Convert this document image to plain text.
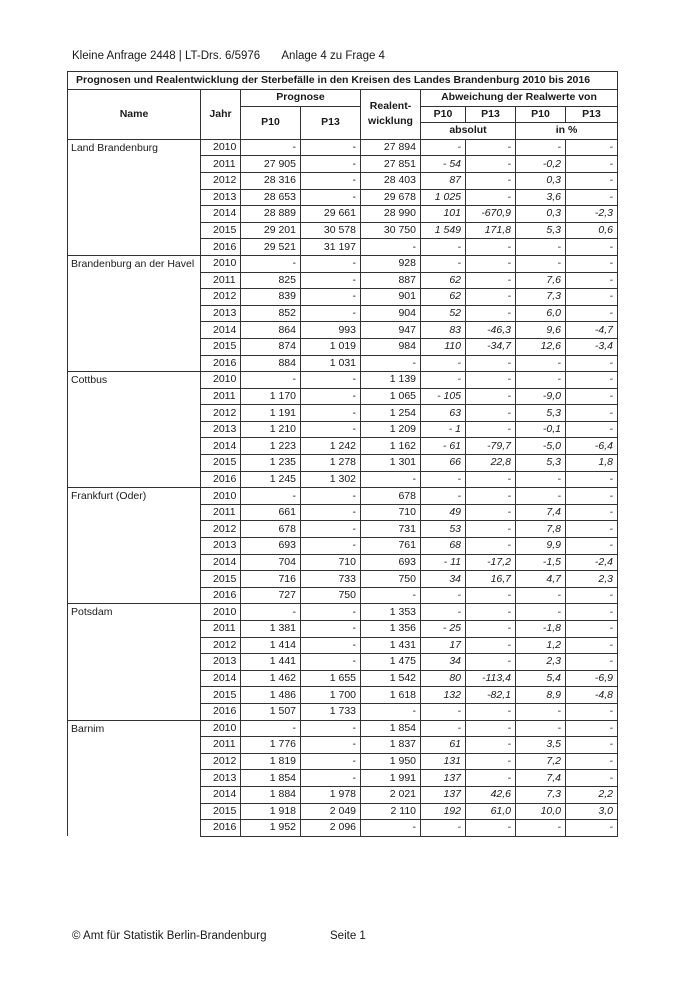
Kleine Anfrage 2448 | LT-Drs. 6/5976 Anlage 4 zu Frage 4
Prognosen und Realentwicklung der Sterbefälle in den Kreisen des Landes Brandenburg 2010 bis 2016								
Name	Jahr	Prognose		Realent-wicklung	Abweichung der Realwerte von			
		P10	P13		P10	P13	P10	P13
					absolut		in %	
Land Brandenburg	2010	-	-	27 894	-	-	-	-
	2011	27 905	-	27 851	- 54	-	-0,2	-
	2012	28 316	-	28 403	87	-	0,3	-
	2013	28 653	-	29 678	1 025	-	3,6	-
	2014	28 889	29 661	28 990	101	-670,9	0,3	-2,3
	2015	29 201	30 578	30 750	1 549	171,8	5,3	0,6
	2016	29 521	31 197	-	-	-	-	-
Brandenburg an der Havel	2010	-	-	928	-	-	-	-
	2011	825	-	887	62	-	7,6	-
	2012	839	-	901	62	-	7,3	-
	2013	852	-	904	52	-	6,0	-
	2014	864	993	947	83	-46,3	9,6	-4,7
	2015	874	1 019	984	110	-34,7	12,6	-3,4
	2016	884	1 031	-	-	-	-	-
Cottbus	2010	-	-	1 139	-	-	-	-
	2011	1 170	-	1 065	- 105	-	-9,0	-
	2012	1 191	-	1 254	63	-	5,3	-
	2013	1 210	-	1 209	- 1	-	-0,1	-
	2014	1 223	1 242	1 162	- 61	-79,7	-5,0	-6,4
	2015	1 235	1 278	1 301	66	22,8	5,3	1,8
	2016	1 245	1 302	-	-	-	-	-
Frankfurt (Oder)	2010	-	-	678	-	-	-	-
	2011	661	-	710	49	-	7,4	-
	2012	678	-	731	53	-	7,8	-
	2013	693	-	761	68	-	9,9	-
	2014	704	710	693	- 11	-17,2	-1,5	-2,4
	2015	716	733	750	34	16,7	4,7	2,3
	2016	727	750	-	-	-	-	-
Potsdam	2010	-	-	1 353	-	-	-	-
	2011	1 381	-	1 356	- 25	-	-1,8	-
	2012	1 414	-	1 431	17	-	1,2	-
	2013	1 441	-	1 475	34	-	2,3	-
	2014	1 462	1 655	1 542	80	-113,4	5,4	-6,9
	2015	1 486	1 700	1 618	132	-82,1	8,9	-4,8
	2016	1 507	1 733	-	-	-	-	-
Barnim	2010	-	-	1 854	-	-	-	-
	2011	1 776	-	1 837	61	-	3,5	-
	2012	1 819	-	1 950	131	-	7,2	-
	2013	1 854	-	1 991	137	-	7,4	-
	2014	1 884	1 978	2 021	137	42,6	7,3	2,2
	2015	1 918	2 049	2 110	192	61,0	10,0	3,0
	2016	1 952	2 096	-	-	-	-	-
© Amt für Statistik Berlin-Brandenburg	Seite 1
